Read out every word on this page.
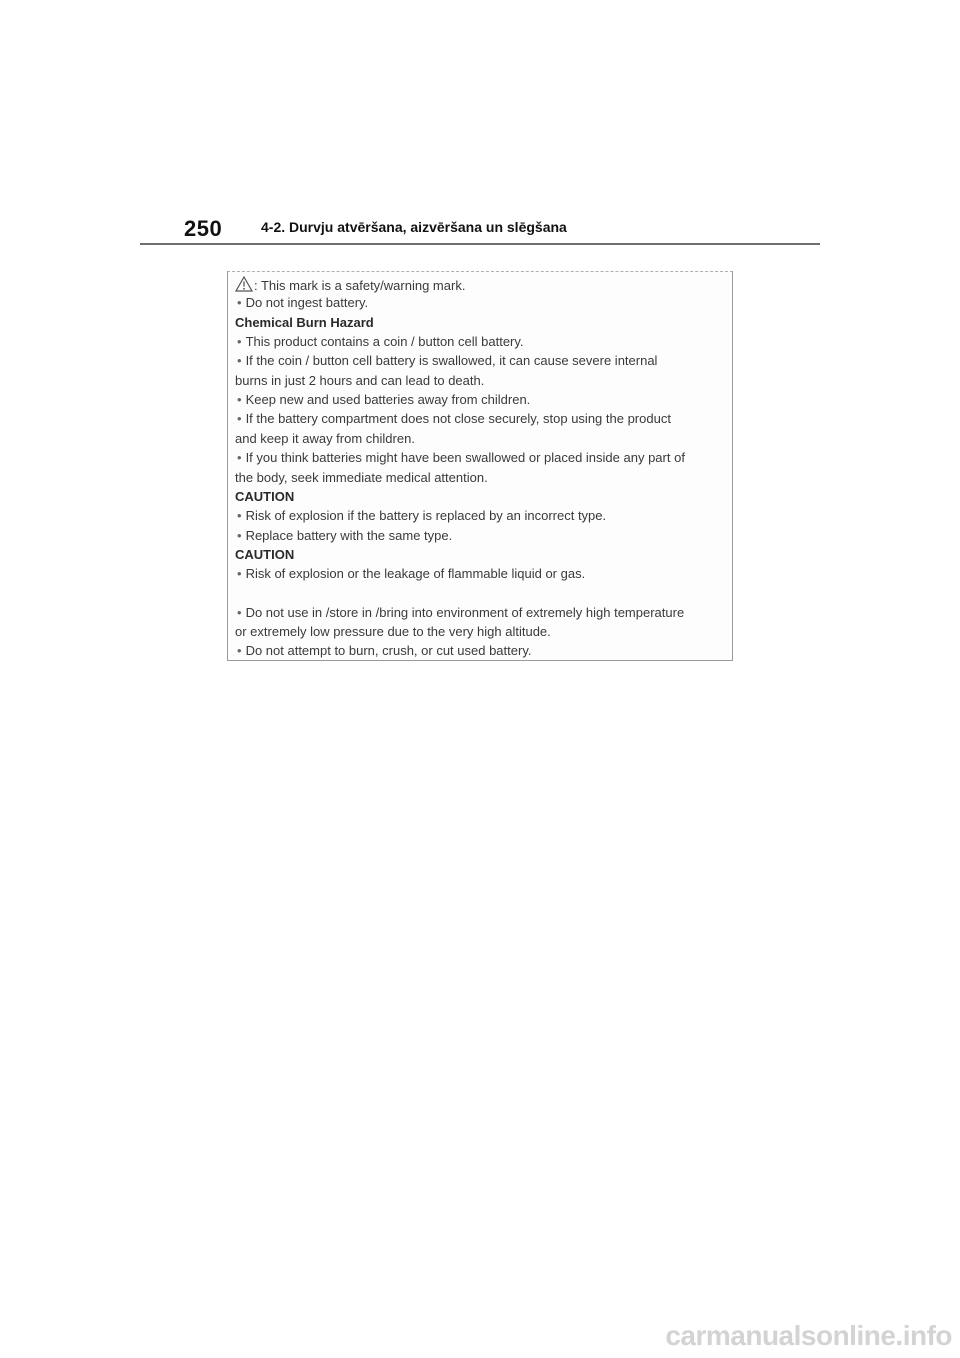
250	4-2. Durvju atvēršana, aizvēršana un slēgšana
: This mark is a safety/warning mark.
• Do not ingest battery.
Chemical Burn Hazard
• This product contains a coin / button cell battery.
• If the coin / button cell battery is swallowed, it can cause severe internal
burns in just 2 hours and can lead to death.
• Keep new and used batteries away from children.
• If the battery compartment does not close securely, stop using the product
and keep it away from children.
• If you think batteries might have been swallowed or placed inside any part of
the body, seek immediate medical attention.
CAUTION
• Risk of explosion if the battery is replaced by an incorrect type.
• Replace battery with the same type.
CAUTION
• Risk of explosion or the leakage of flammable liquid or gas.
• Do not use in /store in /bring into environment of extremely high temperature
or extremely low pressure due to the very high altitude.
• Do not attempt to burn, crush, or cut used battery.
carmanualsonline.info
